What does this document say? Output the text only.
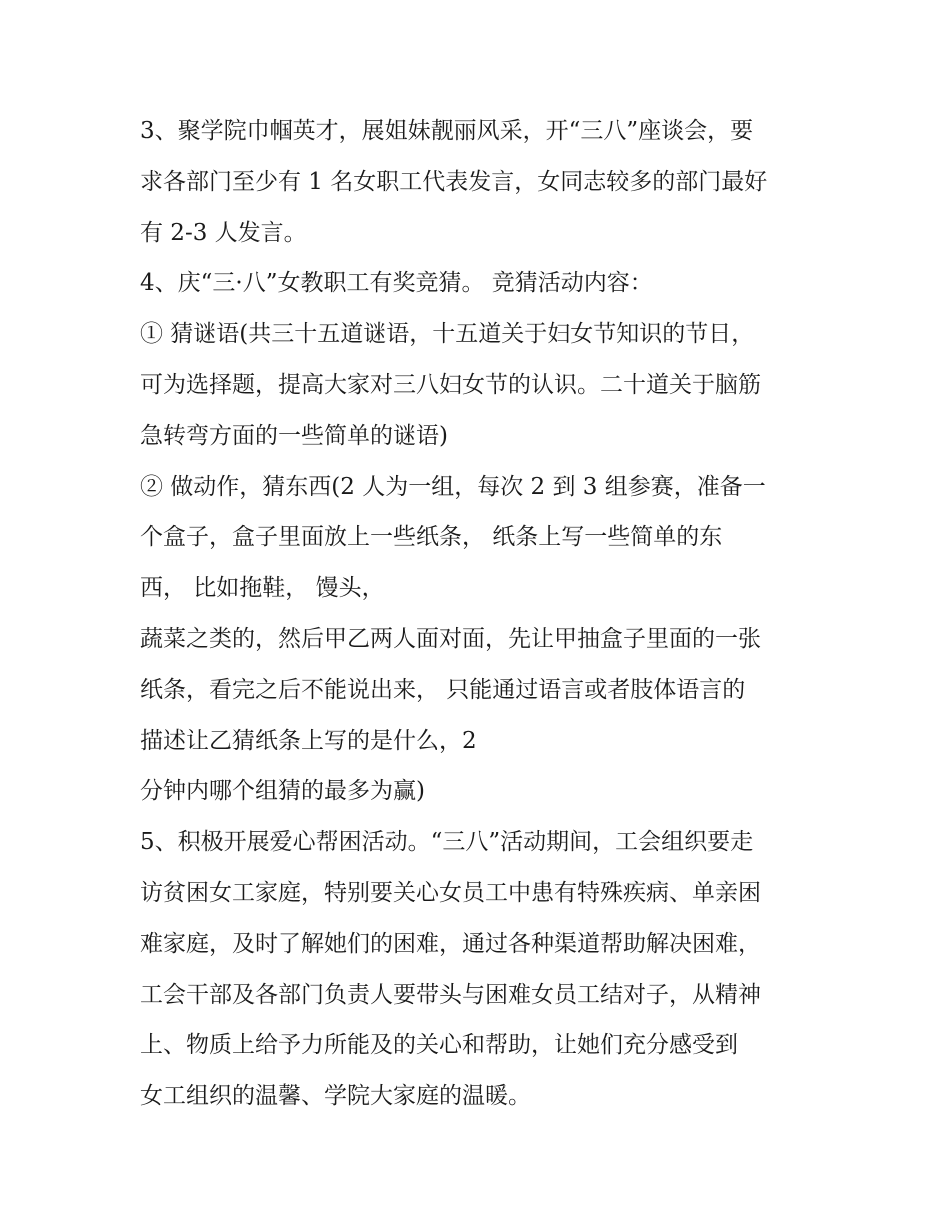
3、聚学院巾帼英才，展姐妹靓丽风采，开“三八”座谈会，要
求各部门至少有 1 名女职工代表发言，女同志较多的部门最好
有 2-3 人发言。
4、庆“三·八”女教职工有奖竞猜。 竞猜活动内容：
① 猜谜语(共三十五道谜语，十五道关于妇女节知识的节日，
可为选择题，提高大家对三八妇女节的认识。二十道关于脑筋
急转弯方面的一些简单的谜语)
② 做动作，猜东西(2 人为一组，每次 2 到 3 组参赛，准备一
个盒子，盒子里面放上一些纸条， 纸条上写一些简单的东
西， 比如拖鞋， 馒头，
蔬菜之类的，然后甲乙两人面对面，先让甲抽盒子里面的一张
纸条，看完之后不能说出来， 只能通过语言或者肢体语言的
描述让乙猜纸条上写的是什么，2
分钟内哪个组猜的最多为赢)
5、积极开展爱心帮困活动。“三八”活动期间，工会组织要走
访贫困女工家庭，特别要关心女员工中患有特殊疾病、单亲困
难家庭，及时了解她们的困难，通过各种渠道帮助解决困难，
工会干部及各部门负责人要带头与困难女员工结对子，从精神
上、物质上给予力所能及的关心和帮助，让她们充分感受到
女工组织的温馨、学院大家庭的温暖。
